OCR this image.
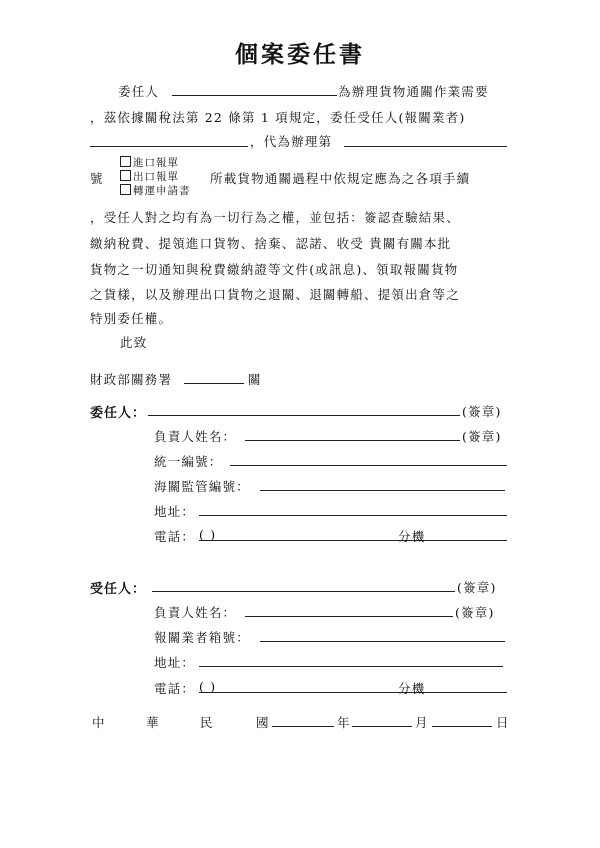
個案委任書
委任人	為辦理貨物通關作業需要
，茲依據關稅法第 22 條第 1 項規定，委任受任人(報關業者)
，代為辦理第
進口報單
號	出口報單 所載貨物通關過程中依規定應為之各項手續
轉運申請書
，受任人對之均有為一切行為之權，並包括：簽認查驗結果、
繳納稅費、提領進口貨物、捨棄、認諾、收受 貴關有關本批
貨物之一切通知與稅費繳納證等文件(或訊息)、領取報關貨物
之貨樣，以及辦理出口貨物之退關、退關轉船、提領出倉等之
特別委任權。
此致
財政部關務署	關
委任人：	(簽章)
負責人姓名：	(簽章)
統一編號：
海關監管編號：
地址：
電話： ( )	分機
受任人：	(簽章)
負責人姓名：	(簽章)
報關業者箱號：
地址：
電話： ( )	分機
中	華	民	國	年	月	日
